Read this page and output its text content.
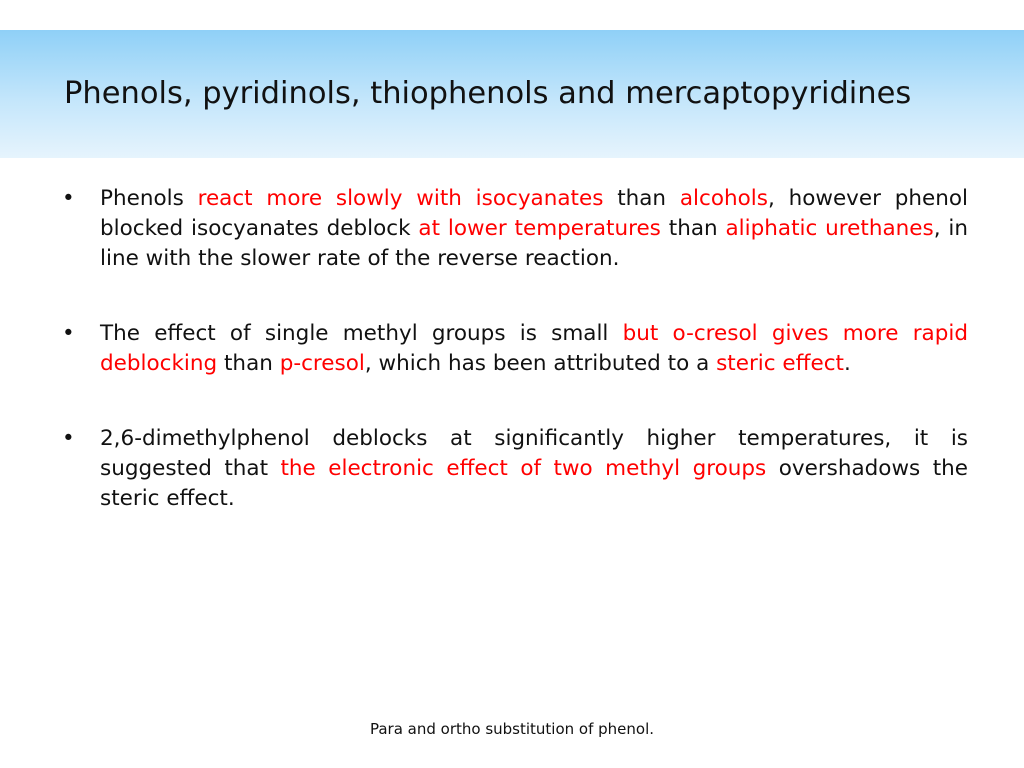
Phenols, pyridinols, thiophenols and mercaptopyridines
• Phenols react more slowly with isocyanates than alcohols, however phenol blocked isocyanates deblock at lower temperatures than aliphatic urethanes, in line with the slower rate of the reverse reaction.
• The effect of single methyl groups is small but o-cresol gives more rapid deblocking than p-cresol, which has been attributed to a steric effect.
• 2,6-dimethylphenol deblocks at significantly higher temperatures, it is suggested that the electronic effect of two methyl groups overshadows the steric effect.
Para and ortho substitution of phenol.
